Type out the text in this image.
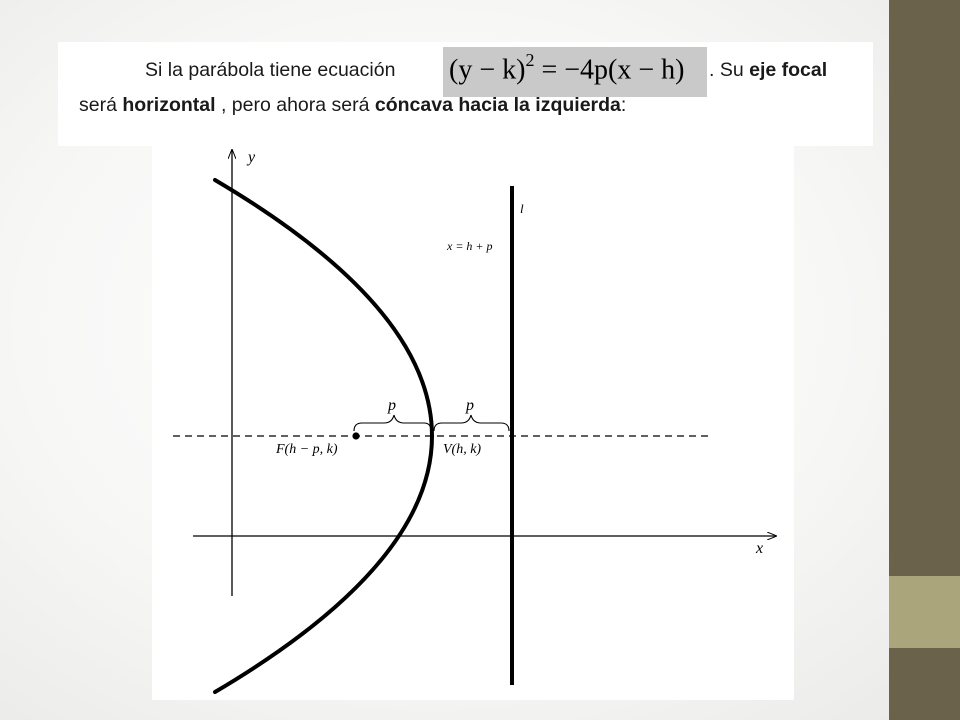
$(y - k)^2 = -4p(x - h)$
Si la parábola tiene ecuación	. Su eje focal
será horizontal , pero ahora será cóncava hacia la izquierda:
y
x
l
x = h + p
p	p
F(h − p, k)	V(h, k)
